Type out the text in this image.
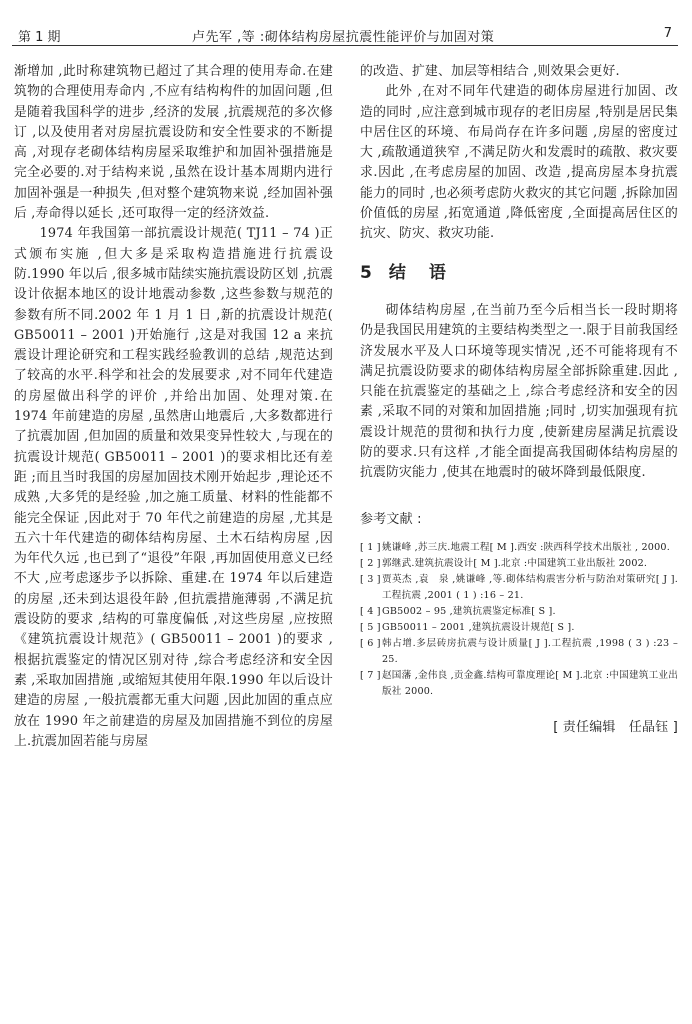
第 1 期	卢先军 ,等 :砌体结构房屋抗震性能评价与加固对策	7

渐增加 ,此时称建筑物已超过了其合理的使用寿命.在建筑物的合理使用寿命内 ,不应有结构构件的加固问题 ,但是随着我国科学的进步 ,经济的发展 ,抗震规范的多次修订 ,以及使用者对房屋抗震设防和安全性要求的不断提高 ,对现存老砌体结构房屋采取维护和加固补强措施是完全必要的.对于结构来说 ,虽然在设计基本周期内进行加固补强是一种损失 ,但对整个建筑物来说 ,经加固补强后 ,寿命得以延长 ,还可取得一定的经济效益.

1974 年我国第一部抗震设计规范( TJ11 – 74 )正式颁布实施 ,但大多是采取构造措施进行抗震设防.1990 年以后 ,很多城市陆续实施抗震设防区划 ,抗震设计依据本地区的设计地震动参数 ,这些参数与规范的参数有所不同.2002 年 1 月 1 日 ,新的抗震设计规范( GB50011 – 2001 )开始施行 ,这是对我国 12 a 来抗震设计理论研究和工程实践经验教训的总结 ,规范达到了较高的水平.科学和社会的发展要求 ,对不同年代建造的房屋做出科学的评价 ,并给出加固、处理对策.在 1974 年前建造的房屋 ,虽然唐山地震后 ,大多数都进行了抗震加固 ,但加固的质量和效果变异性较大 ,与现在的抗震设计规范( GB50011 – 2001 )的要求相比还有差距 ;而且当时我国的房屋加固技术刚开始起步 ,理论还不成熟 ,大多凭的是经验 ,加之施工质量、材料的性能都不能完全保证 ,因此对于 70 年代之前建造的房屋 ,尤其是五六十年代建造的砌体结构房屋、土木石结构房屋 ,因为年代久远 ,也已到了“退役”年限 ,再加固使用意义已经不大 ,应考虑逐步予以拆除、重建.在 1974 年以后建造的房屋 ,还未到达退役年龄 ,但抗震措施薄弱 ,不满足抗震设防的要求 ,结构的可靠度偏低 ,对这些房屋 ,应按照《建筑抗震设计规范》( GB50011 – 2001 )的要求 ,根据抗震鉴定的情况区别对待 ,综合考虑经济和安全因素 ,采取加固措施 ,或缩短其使用年限.1990 年以后设计建造的房屋 ,一般抗震都无重大问题 ,因此加固的重点应放在 1990 年之前建造的房屋及加固措施不到位的房屋上.抗震加固若能与房屋

的改造、扩建、加层等相结合 ,则效果会更好.

此外 ,在对不同年代建造的砌体房屋进行加固、改造的同时 ,应注意到城市现存的老旧房屋 ,特别是居民集中居住区的环境、布局尚存在许多问题 ,房屋的密度过大 ,疏散通道狭窄 ,不满足防火和发震时的疏散、救灾要求.因此 ,在考虑房屋的加固、改造 ,提高房屋本身抗震能力的同时 ,也必须考虑防火救灾的其它问题 ,拆除加固价值低的房屋 ,拓宽通道 ,降低密度 ,全面提高居住区的抗灾、防灾、救灾功能.

5 结　语

砌体结构房屋 ,在当前乃至今后相当长一段时期将仍是我国民用建筑的主要结构类型之一.限于目前我国经济发展水平及人口环境等现实情况 ,还不可能将现有不满足抗震设防要求的砌体结构房屋全部拆除重建.因此 ,只能在抗震鉴定的基础之上 ,综合考虑经济和安全的因素 ,采取不同的对策和加固措施 ;同时 ,切实加强现有抗震设计规范的贯彻和执行力度 ,使新建房屋满足抗震设防的要求.只有这样 ,才能全面提高我国砌体结构房屋的抗震防灾能力 ,使其在地震时的破坏降到最低限度.

参考文献 :
[ 1 ] 姚谦峰 ,苏三庆.地震工程[ M ].西安 :陕西科学技术出版社 , 2000.
[ 2 ] 郭继武.建筑抗震设计[ M ].北京 :中国建筑工业出版社 2002.
[ 3 ] 贾英杰 ,袁　泉 ,姚谦峰 ,等.砌体结构震害分析与防治对策研究[ J ].工程抗震 ,2001 ( 1 ) :16 – 21.
[ 4 ] GB5002 – 95 ,建筑抗震鉴定标准[ S ].
[ 5 ] GB50011 – 2001 ,建筑抗震设计规范[ S ].
[ 6 ] 韩占增.多层砖房抗震与设计质量[ J ].工程抗震 ,1998 ( 3 ) :23 – 25.
[ 7 ] 赵国藩 ,金伟良 ,贡金鑫.结构可靠度理论[ M ].北京 :中国建筑工业出版社 2000.
[ 责任编辑　任晶钰 ]
